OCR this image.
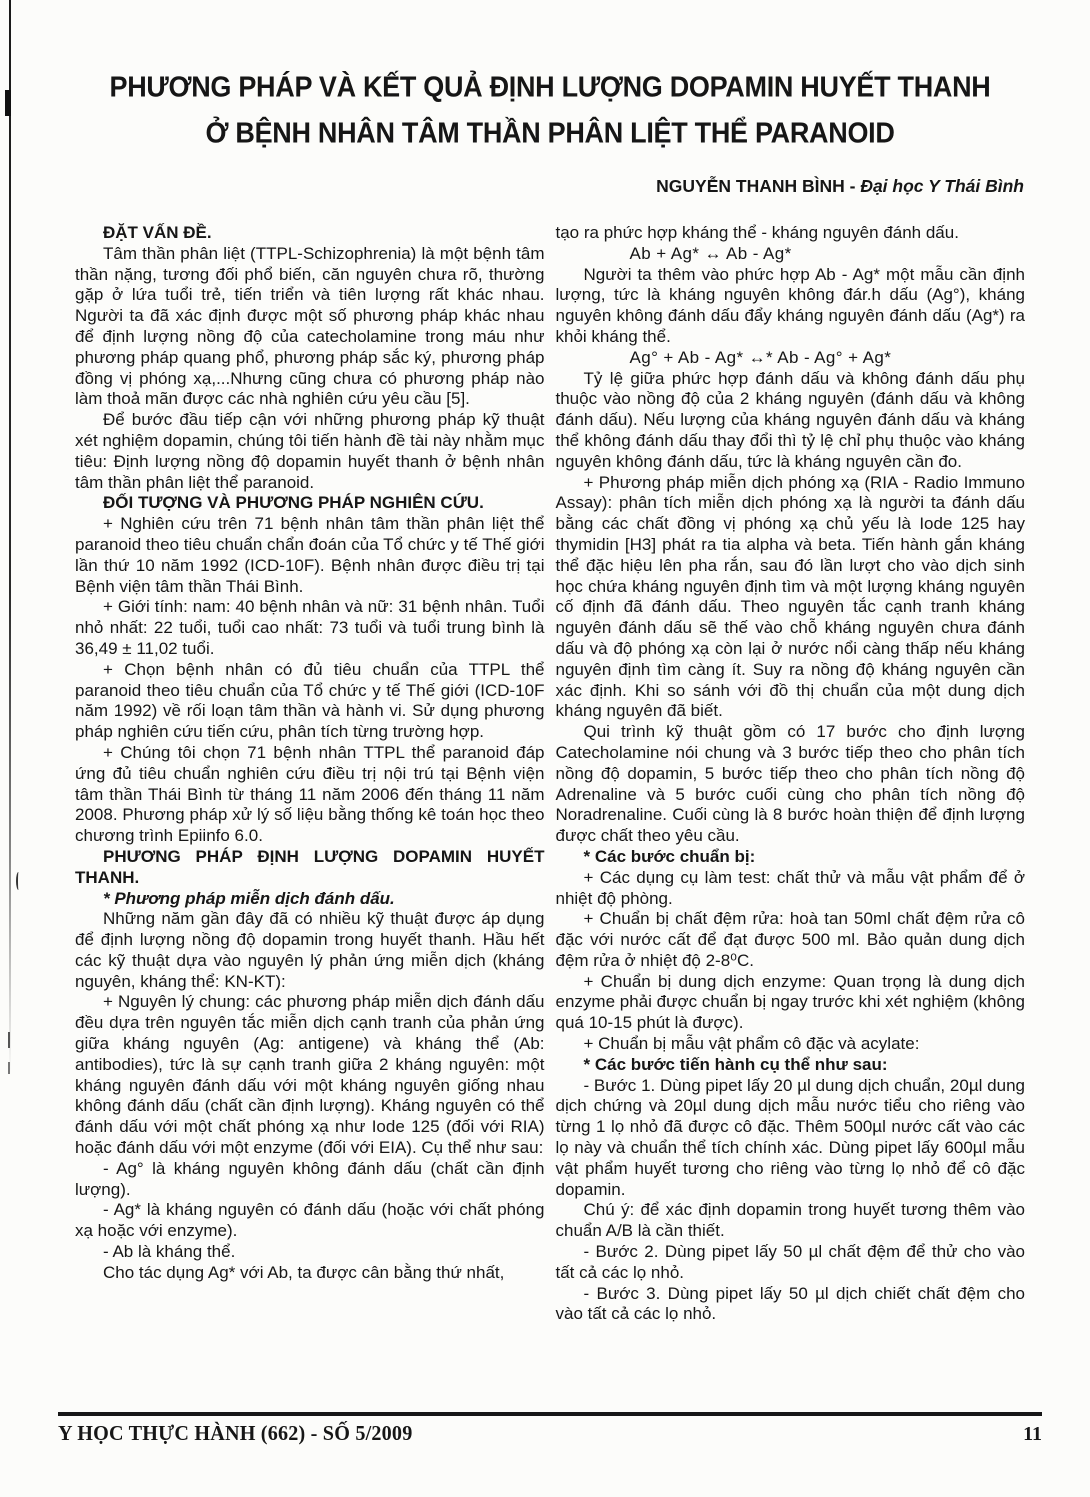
PHƯƠNG PHÁP VÀ KẾT QUẢ ĐỊNH LƯỢNG DOPAMIN HUYẾT THANH
Ở BỆNH NHÂN TÂM THẦN PHÂN LIỆT THỂ PARANOID
NGUYỄN THANH BÌNH - Đại học Y Thái Bình

ĐẶT VẤN ĐỀ.

Tâm thần phân liệt (TTPL-Schizophrenia) là một bệnh tâm thần nặng, tương đối phổ biến, căn nguyên chưa rõ, thường gặp ở lứa tuổi trẻ, tiến triển và tiên lượng rất khác nhau. Người ta đã xác định được một số phương pháp khác nhau để định lượng nồng độ của catecholamine trong máu như phương pháp quang phổ, phương pháp sắc ký, phương pháp đồng vị phóng xạ,...Nhưng cũng chưa có phương pháp nào làm thoả mãn được các nhà nghiên cứu yêu cầu [5].

Để bước đầu tiếp cận với những phương pháp kỹ thuật xét nghiệm dopamin, chúng tôi tiến hành đề tài này nhằm mục tiêu: Định lượng nồng độ dopamin huyết thanh ở bệnh nhân tâm thần phân liệt thể paranoid.

ĐỐI TƯỢNG VÀ PHƯƠNG PHÁP NGHIÊN CỨU.

+ Nghiên cứu trên 71 bệnh nhân tâm thần phân liệt thể paranoid theo tiêu chuẩn chẩn đoán của Tổ chức y tế Thế giới lần thứ 10 năm 1992 (ICD-10F). Bệnh nhân được điều trị tại Bệnh viện tâm thần Thái Bình.

+ Giới tính: nam: 40 bệnh nhân và nữ: 31 bệnh nhân. Tuổi nhỏ nhất: 22 tuổi, tuổi cao nhất: 73 tuổi và tuổi trung bình là 36,49 ± 11,02 tuổi.

+ Chọn bệnh nhân có đủ tiêu chuẩn của TTPL thể paranoid theo tiêu chuẩn của Tổ chức y tế Thế giới (ICD-10F năm 1992) về rối loạn tâm thần và hành vi. Sử dụng phương pháp nghiên cứu tiến cứu, phân tích từng trường hợp.

+ Chúng tôi chọn 71 bệnh nhân TTPL thể paranoid đáp ứng đủ tiêu chuẩn nghiên cứu điều trị nội trú tại Bệnh viện tâm thần Thái Bình từ tháng 11 năm 2006 đến tháng 11 năm 2008. Phương pháp xử lý số liệu bằng thống kê toán học theo chương trình Epiinfo 6.0.

PHƯƠNG PHÁP ĐỊNH LƯỢNG DOPAMIN HUYẾT THANH.

* Phương pháp miễn dịch đánh dấu.

Những năm gần đây đã có nhiều kỹ thuật được áp dụng để định lượng nồng độ dopamin trong huyết thanh. Hầu hết các kỹ thuật dựa vào nguyên lý phản ứng miễn dịch (kháng nguyên, kháng thể: KN-KT):

+ Nguyên lý chung: các phương pháp miễn dịch đánh dấu đều dựa trên nguyên tắc miễn dịch cạnh tranh của phản ứng giữa kháng nguyên (Ag: antigene) và kháng thể (Ab: antibodies), tức là sự cạnh tranh giữa 2 kháng nguyên: một kháng nguyên đánh dấu với một kháng nguyên giống nhau không đánh dấu (chất cần định lượng). Kháng nguyên có thể đánh dấu với một chất phóng xạ như Iode 125 (đối với RIA) hoặc đánh dấu với một enzyme (đối với EIA). Cụ thể như sau:

- Ag° là kháng nguyên không đánh dấu (chất cần định lượng).

- Ag* là kháng nguyên có đánh dấu (hoặc với chất phóng xạ hoặc với enzyme).

- Ab là kháng thể.

Cho tác dụng Ag* với Ab, ta được cân bằng thứ nhất,

tạo ra phức hợp kháng thể - kháng nguyên đánh dấu.

Ab + Ag* ↔ Ab - Ag*

Người ta thêm vào phức hợp Ab - Ag* một mẫu cần định lượng, tức là kháng nguyên không đár.h dấu (Ag°), kháng nguyên không đánh dấu đẩy kháng nguyên đánh dấu (Ag*) ra khỏi kháng thể.

Ag° + Ab - Ag* ↔* Ab - Ag° + Ag*

Tỷ lệ giữa phức hợp đánh dấu và không đánh dấu phụ thuộc vào nồng độ của 2 kháng nguyên (đánh dấu và không đánh dấu). Nếu lượng của kháng nguyên đánh dấu và kháng thể không đánh dấu thay đổi thì tỷ lệ chỉ phụ thuộc vào kháng nguyên không đánh dấu, tức là kháng nguyên cần đo.

+ Phương pháp miễn dịch phóng xạ (RIA - Radio Immuno Assay): phân tích miễn dịch phóng xạ là người ta đánh dấu bằng các chất đồng vị phóng xạ chủ yếu là Iode 125 hay thymidin [H3] phát ra tia alpha và beta. Tiến hành gắn kháng thể đặc hiệu lên pha rắn, sau đó lần lượt cho vào dịch sinh học chứa kháng nguyên định tìm và một lượng kháng nguyên cố định đã đánh dấu. Theo nguyên tắc cạnh tranh kháng nguyên đánh dấu sẽ thế vào chỗ kháng nguyên chưa đánh dấu và độ phóng xạ còn lại ở nước nổi càng thấp nếu kháng nguyên định tìm càng ít. Suy ra nồng độ kháng nguyên cần xác định. Khi so sánh với đồ thị chuẩn của một dung dịch kháng nguyên đã biết.

Qui trình kỹ thuật gồm có 17 bước cho định lượng Catecholamine nói chung và 3 bước tiếp theo cho phân tích nồng độ dopamin, 5 bước tiếp theo cho phân tích nồng độ Adrenaline và 5 bước cuối cùng cho phân tích nồng độ Noradrenaline. Cuối cùng là 8 bước hoàn thiện để định lượng được chất theo yêu cầu.

* Các bước chuẩn bị:

+ Các dụng cụ làm test: chất thử và mẫu vật phẩm để ở nhiệt độ phòng.

+ Chuẩn bị chất đệm rửa: hoà tan 50ml chất đệm rửa cô đặc với nước cất để đạt được 500 ml. Bảo quản dung dịch đệm rửa ở nhiệt độ 2-8⁰C.

+ Chuẩn bị dung dịch enzyme: Quan trọng là dung dịch enzyme phải được chuẩn bị ngay trước khi xét nghiệm (không quá 10-15 phút là được).

+ Chuẩn bị mẫu vật phẩm cô đặc và acylate:

* Các bước tiến hành cụ thể như sau:

- Bước 1. Dùng pipet lấy 20 µl dung dịch chuẩn, 20µl dung dịch chứng và 20µl dung dịch mẫu nước tiểu cho riêng vào từng 1 lọ nhỏ đã được cô đặc. Thêm 500µl nước cất vào các lọ này và chuẩn thể tích chính xác. Dùng pipet lấy 600µl mẫu vật phẩm huyết tương cho riêng vào từng lọ nhỏ để cô đặc dopamin.

Chú ý: để xác định dopamin trong huyết tương thêm vào chuẩn A/B là cần thiết.

- Bước 2. Dùng pipet lấy 50 µl chất đệm để thử cho vào tất cả các lọ nhỏ.

- Bước 3. Dùng pipet lấy 50 µl dịch chiết chất đệm cho vào tất cả các lọ nhỏ.

Y HỌC THỰC HÀNH (662) - SỐ 5/2009	11
